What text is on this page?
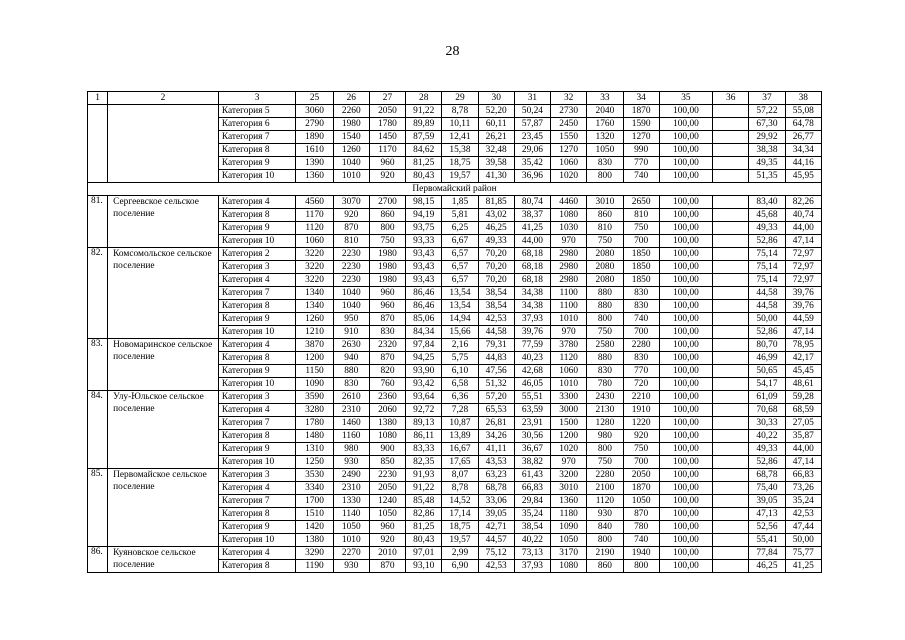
28
1	2	3	25	26	27	28	29	30	31	32	33	34	35	36	37	38
		Категория 5	3060	2260	2050	91,22	8,78	52,20	50,24	2730	2040	1870	100,00		57,22	55,08
		Категория 6	2790	1980	1780	89,89	10,11	60,11	57,87	2450	1760	1590	100,00		67,30	64,78
		Категория 7	1890	1540	1450	87,59	12,41	26,21	23,45	1550	1320	1270	100,00		29,92	26,77
		Категория 8	1610	1260	1170	84,62	15,38	32,48	29,06	1270	1050	990	100,00		38,38	34,34
		Категория 9	1390	1040	960	81,25	18,75	39,58	35,42	1060	830	770	100,00		49,35	44,16
		Категория 10	1360	1010	920	80,43	19,57	41,30	36,96	1020	800	740	100,00		51,35	45,95
Первомайский район																
81.	Сергеевское сельское поселение	Категория 4	4560	3070	2700	98,15	1,85	81,85	80,74	4460	3010	2650	100,00		83,40	82,26
		Категория 8	1170	920	860	94,19	5,81	43,02	38,37	1080	860	810	100,00		45,68	40,74
		Категория 9	1120	870	800	93,75	6,25	46,25	41,25	1030	810	750	100,00		49,33	44,00
		Категория 10	1060	810	750	93,33	6,67	49,33	44,00	970	750	700	100,00		52,86	47,14
82.	Комсомольское сельское поселение	Категория 2	3220	2230	1980	93,43	6,57	70,20	68,18	2980	2080	1850	100,00		75,14	72,97
		Категория 3	3220	2230	1980	93,43	6,57	70,20	68,18	2980	2080	1850	100,00		75,14	72,97
		Категория 4	3220	2230	1980	93,43	6,57	70,20	68,18	2980	2080	1850	100,00		75,14	72,97
		Категория 7	1340	1040	960	86,46	13,54	38,54	34,38	1100	880	830	100,00		44,58	39,76
		Категория 8	1340	1040	960	86,46	13,54	38,54	34,38	1100	880	830	100,00		44,58	39,76
		Категория 9	1260	950	870	85,06	14,94	42,53	37,93	1010	800	740	100,00		50,00	44,59
		Категория 10	1210	910	830	84,34	15,66	44,58	39,76	970	750	700	100,00		52,86	47,14
83.	Новомаринское сельское поселение	Категория 4	3870	2630	2320	97,84	2,16	79,31	77,59	3780	2580	2280	100,00		80,70	78,95
		Категория 8	1200	940	870	94,25	5,75	44,83	40,23	1120	880	830	100,00		46,99	42,17
		Категория 9	1150	880	820	93,90	6,10	47,56	42,68	1060	830	770	100,00		50,65	45,45
		Категория 10	1090	830	760	93,42	6,58	51,32	46,05	1010	780	720	100,00		54,17	48,61
84.	Улу-Юльское сельское поселение	Категория 3	3590	2610	2360	93,64	6,36	57,20	55,51	3300	2430	2210	100,00		61,09	59,28
		Категория 4	3280	2310	2060	92,72	7,28	65,53	63,59	3000	2130	1910	100,00		70,68	68,59
		Категория 7	1780	1460	1380	89,13	10,87	26,81	23,91	1500	1280	1220	100,00		30,33	27,05
		Категория 8	1480	1160	1080	86,11	13,89	34,26	30,56	1200	980	920	100,00		40,22	35,87
		Категория 9	1310	980	900	83,33	16,67	41,11	36,67	1020	800	750	100,00		49,33	44,00
		Категория 10	1250	930	850	82,35	17,65	43,53	38,82	970	750	700	100,00		52,86	47,14
85.	Первомайское сельское поселение	Категория 3	3530	2490	2230	91,93	8,07	63,23	61,43	3200	2280	2050	100,00		68,78	66,83
		Категория 4	3340	2310	2050	91,22	8,78	68,78	66,83	3010	2100	1870	100,00		75,40	73,26
		Категория 7	1700	1330	1240	85,48	14,52	33,06	29,84	1360	1120	1050	100,00		39,05	35,24
		Категория 8	1510	1140	1050	82,86	17,14	39,05	35,24	1180	930	870	100,00		47,13	42,53
		Категория 9	1420	1050	960	81,25	18,75	42,71	38,54	1090	840	780	100,00		52,56	47,44
		Категория 10	1380	1010	920	80,43	19,57	44,57	40,22	1050	800	740	100,00		55,41	50,00
86.	Куяновское сельское поселение	Категория 4	3290	2270	2010	97,01	2,99	75,12	73,13	3170	2190	1940	100,00		77,84	75,77
		Категория 8	1190	930	870	93,10	6,90	42,53	37,93	1080	860	800	100,00		46,25	41,25
